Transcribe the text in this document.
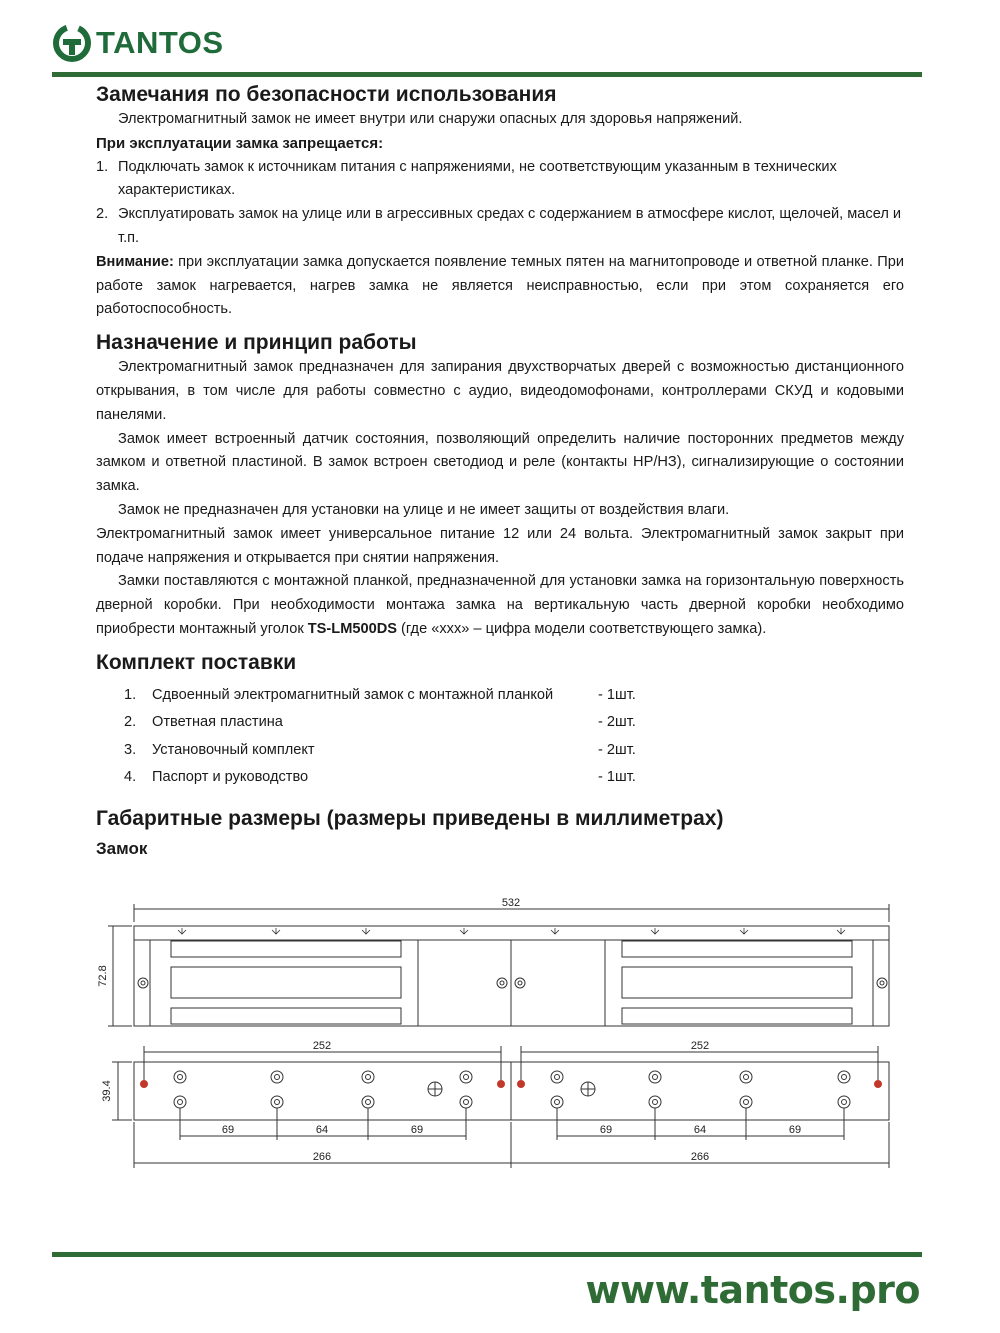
TANTOS
Замечания по безопасности использования

Электромагнитный замок не имеет внутри или снаружи опасных для здоровья напряжений.

При эксплуатации замка запрещается:

1. Подключать замок к источникам питания с напряжениями, не соответствующим указанным в технических характеристиках.
2. Эксплуатировать замок на улице или в агрессивных средах с содержанием в атмосфере кислот, щелочей, масел и т.п.

Внимание: при эксплуатации замка допускается появление темных пятен на магнитопроводе и ответной планке. При работе замок нагревается, нагрев замка не является неисправностью, если при этом сохраняется его работоспособность.

Назначение и принцип работы

Электромагнитный замок предназначен для запирания двухстворчатых дверей с возможностью дистанционного открывания, в том числе для работы совместно с аудио, видеодомофонами, контроллерами СКУД и кодовыми панелями.

Замок имеет встроенный датчик состояния, позволяющий определить наличие посторонних предметов между замком и ответной пластиной. В замок встроен светодиод и реле (контакты НР/НЗ), сигнализирующие о состоянии замка.

Замок не предназначен для установки на улице и не имеет защиты от воздействия влаги.

Электромагнитный замок имеет универсальное питание 12 или 24 вольта. Электромагнитный замок закрыт при подаче напряжения и открывается при снятии напряжения.

Замки поставляются с монтажной планкой, предназначенной для установки замка на горизонтальную поверхность дверной коробки. При необходимости монтажа замка на вертикальную часть дверной коробки необходимо приобрести монтажный уголок TS-LM500DS (где «ххх» – цифра модели соответствующего замка).

Комплект поставки
1.	Сдвоенный электромагнитный замок с монтажной планкой	- 1шт.
2.	Ответная пластина	- 2шт.
3.	Установочный комплект	- 2шт.
4.	Паспорт и руководство	- 1шт.
Габаритные размеры (размеры приведены в миллиметрах)
Замок
532
72.8
252	252
39.4
69	64	69	69	64	69
266	266
www.tantos.pro
